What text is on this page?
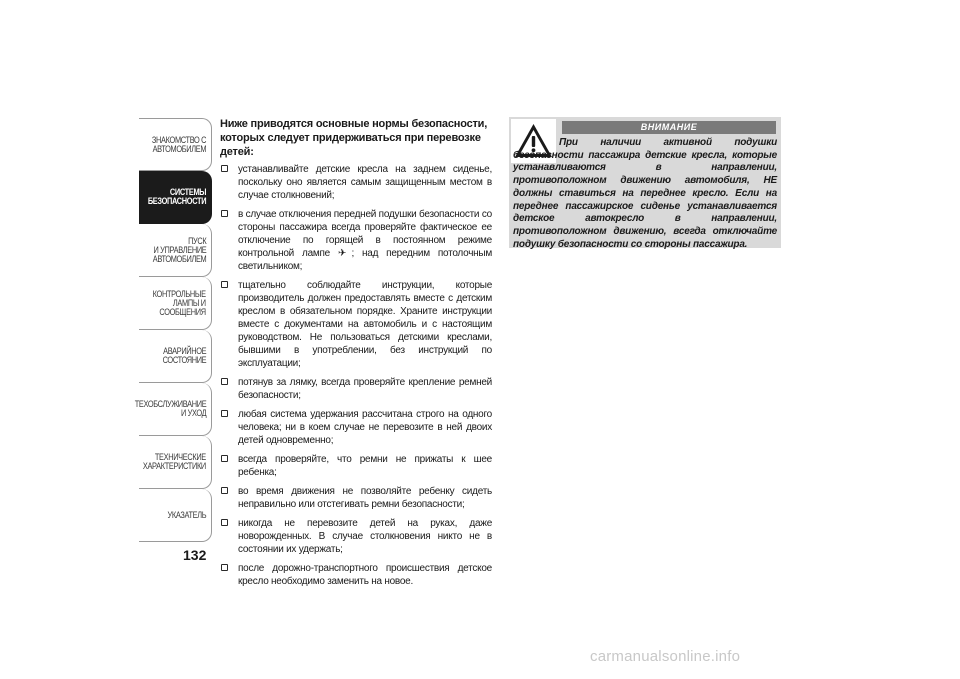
ЗНАКОМСТВО С
АВТОМОБИЛЕМ
СИСТЕМЫ
БЕЗОПАСНОСТИ
ПУСК
И УПРАВЛЕНИЕ
АВТОМОБИЛЕМ
КОНТРОЛЬНЫЕ
ЛАМПЫ И
СООБЩЕНИЯ
АВАРИЙНОЕ
СОСТОЯНИЕ
ТЕХОБСЛУЖИВАНИЕ
И УХОД
ТЕХНИЧЕСКИЕ
ХАРАКТЕРИСТИКИ
УКАЗАТЕЛЬ
132

Ниже приводятся основные нормы безопасности, которых следует придерживаться при перевозке детей:

устанавливайте детские кресла на заднем сиденье, поскольку оно является самым защищенным местом в случае столкновений;
в случае отключения передней подушки безопасности со стороны пассажира всегда проверяйте фактическое ее отключение по горящей в постоянном режиме контрольной лампе ✈; над передним потолочным светильником;
тщательно соблюдайте инструкции, которые производитель должен предоставлять вместе с детским креслом в обязательном порядке. Храните инструкции вместе с документами на автомобиль и с настоящим руководством. Не пользоваться детскими креслами, бывшими в употреблении, без инструкций по эксплуатации;
потянув за лямку, всегда проверяйте крепление ремней безопасности;
любая система удержания рассчитана строго на одного человека; ни в коем случае не перевозите в ней двоих детей одновременно;
всегда проверяйте, что ремни не прижаты к шее ребенка;
во время движения не позволяйте ребенку сидеть неправильно или отстегивать ремни безопасности;
никогда не перевозите детей на руках, даже новорожденных. В случае столкновения никто не в состоянии их удержать;
после дорожно-транспортного происшествия детское кресло необходимо заменить на новое.
ВНИМАНИЕ
При наличии активной подушки безопасности пассажира детские кресла, которые устанавливаются в направлении, противоположном движению автомобиля, НЕ должны ставиться на переднее кресло. Если на переднее пассажирское сиденье устанавливается детское автокресло в направлении, противоположном движению, всегда отключайте подушку безопасности со стороны пассажира.
carmanualsonline.info
